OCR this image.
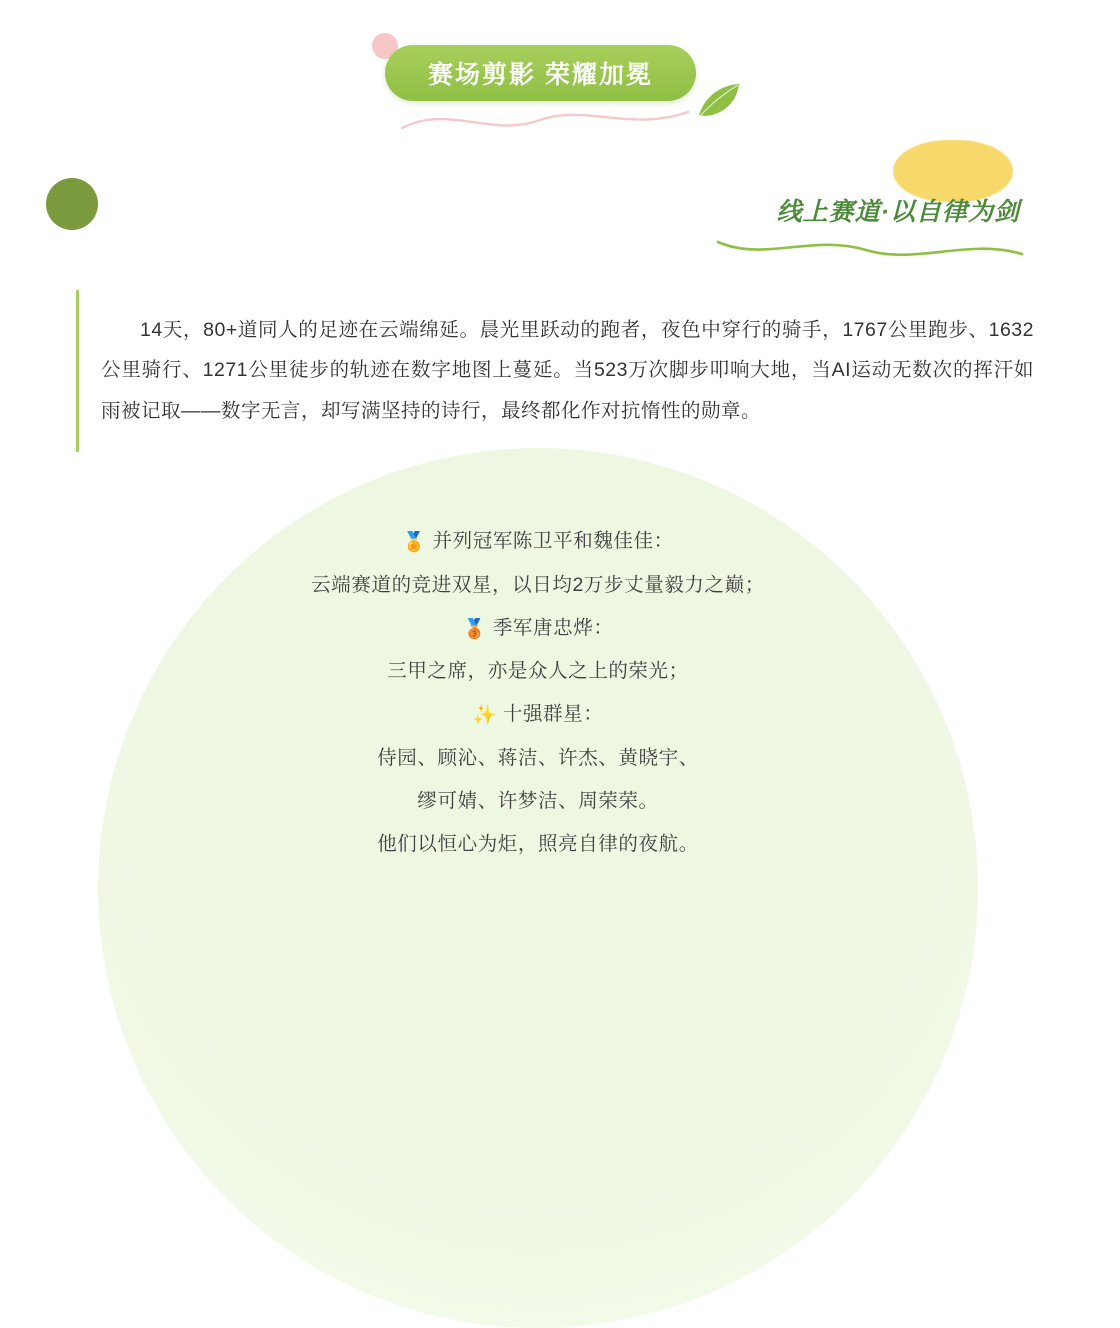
赛场剪影 荣耀加冕
线上赛道·以自律为剑

14天，80+道同人的足迹在云端绵延。晨光里跃动的跑者，夜色中穿行的骑手，1767公里跑步、1632公里骑行、1271公里徒步的轨迹在数字地图上蔓延。当523万次脚步叩响大地，当AI运动无数次的挥汗如雨被记取——数字无言，却写满坚持的诗行，最终都化作对抗惰性的勋章。

🏅 并列冠军陈卫平和魏佳佳：
云端赛道的竞进双星，以日均2万步丈量毅力之巅；
🥉 季军唐忠烨：
三甲之席，亦是众人之上的荣光；
✨ 十强群星：
侍园、顾沁、蒋洁、许杰、黄晓宇、
缪可婧、许梦洁、周荣荣。
他们以恒心为炬，照亮自律的夜航。
